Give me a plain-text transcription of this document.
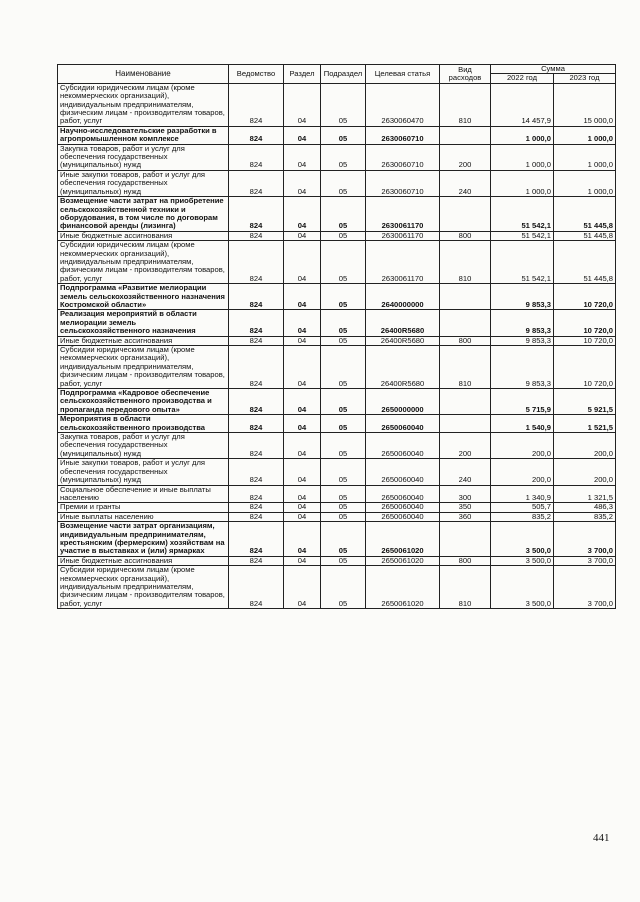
Наименование	Ведомство	Раздел	Подраздел	Целевая статья	Вид расходов	Сумма	
						2022 год	2023 год
Субсидии юридическим лицам (кроме некоммерческих организаций), индивидуальным предпринимателям, физическим лицам - производителям товаров, работ, услуг	824	04	05	2630060470	810	14 457,9	15 000,0
Научно-исследовательские разработки в агропромышленном комплексе	824	04	05	2630060710		1 000,0	1 000,0
Закупка товаров, работ и услуг для обеспечения государственных (муниципальных) нужд	824	04	05	2630060710	200	1 000,0	1 000,0
Иные закупки товаров, работ и услуг для обеспечения государственных (муниципальных) нужд	824	04	05	2630060710	240	1 000,0	1 000,0
Возмещение части затрат на приобретение сельскохозяйственной техники и оборудования, в том числе по договорам финансовой аренды (лизинга)	824	04	05	2630061170		51 542,1	51 445,8
Иные бюджетные ассигнования	824	04	05	2630061170	800	51 542,1	51 445,8
Субсидии юридическим лицам (кроме некоммерческих организаций), индивидуальным предпринимателям, физическим лицам - производителям товаров, работ, услуг	824	04	05	2630061170	810	51 542,1	51 445,8
Подпрограмма «Развитие мелиорации земель сельскохозяйственного назначения Костромской области»	824	04	05	2640000000		9 853,3	10 720,0
Реализация мероприятий в области мелиорации земель сельскохозяйственного назначения	824	04	05	26400R5680		9 853,3	10 720,0
Иные бюджетные ассигнования	824	04	05	26400R5680	800	9 853,3	10 720,0
Субсидии юридическим лицам (кроме некоммерческих организаций), индивидуальным предпринимателям, физическим лицам - производителям товаров, работ, услуг	824	04	05	26400R5680	810	9 853,3	10 720,0
Подпрограмма «Кадровое обеспечение сельскохозяйственного производства и пропаганда передового опыта»	824	04	05	2650000000		5 715,9	5 921,5
Мероприятия в области сельскохозяйственного производства	824	04	05	2650060040		1 540,9	1 521,5
Закупка товаров, работ и услуг для обеспечения государственных (муниципальных) нужд	824	04	05	2650060040	200	200,0	200,0
Иные закупки товаров, работ и услуг для обеспечения государственных (муниципальных) нужд	824	04	05	2650060040	240	200,0	200,0
Социальное обеспечение и иные выплаты населению	824	04	05	2650060040	300	1 340,9	1 321,5
Премии и гранты	824	04	05	2650060040	350	505,7	486,3
Иные выплаты населению	824	04	05	2650060040	360	835,2	835,2
Возмещение части затрат организациям, индивидуальным предпринимателям, крестьянским (фермерским) хозяйствам на участие в выставках и (или) ярмарках	824	04	05	2650061020		3 500,0	3 700,0
Иные бюджетные ассигнования	824	04	05	2650061020	800	3 500,0	3 700,0
Субсидии юридическим лицам (кроме некоммерческих организаций), индивидуальным предпринимателям, физическим лицам - производителям товаров, работ, услуг	824	04	05	2650061020	810	3 500,0	3 700,0
441
